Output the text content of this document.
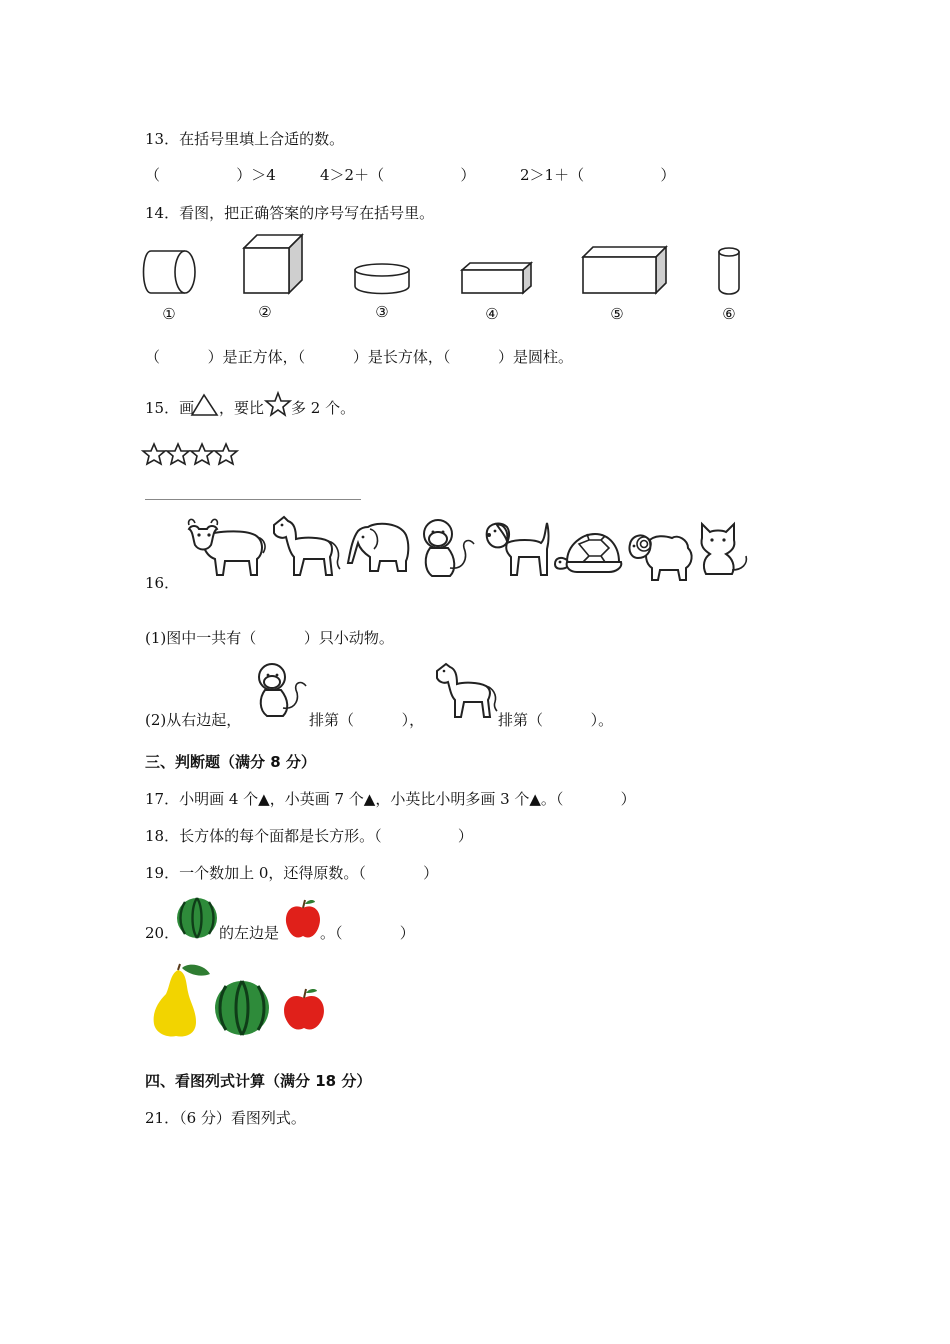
13．在括号里填上合适的数。
（                ）＞4	4＞2＋（                ）	2＞1＋（                ）
14．看图，把正确答案的序号写在括号里。
①	②	③	④	⑤	⑥
（          ）是正方体，（          ）是长方体，（          ）是圆柱。
15．画 ，要比 多 2 个。
16．
(1)图中一共有（          ）只小动物。
(2)从右边起，	排第（          ），	排第（          ）。
三、判断题（满分 8 分）
17．小明画 4 个▲，小英画 7 个▲，小英比小明多画 3 个▲。（            ）
18．长方体的每个面都是长方形。（                ）
19．一个数加上 0，还得原数。（            ）
20．	的左边是	。（            ）
四、看图列式计算（满分 18 分）
21．（6 分）看图列式。
